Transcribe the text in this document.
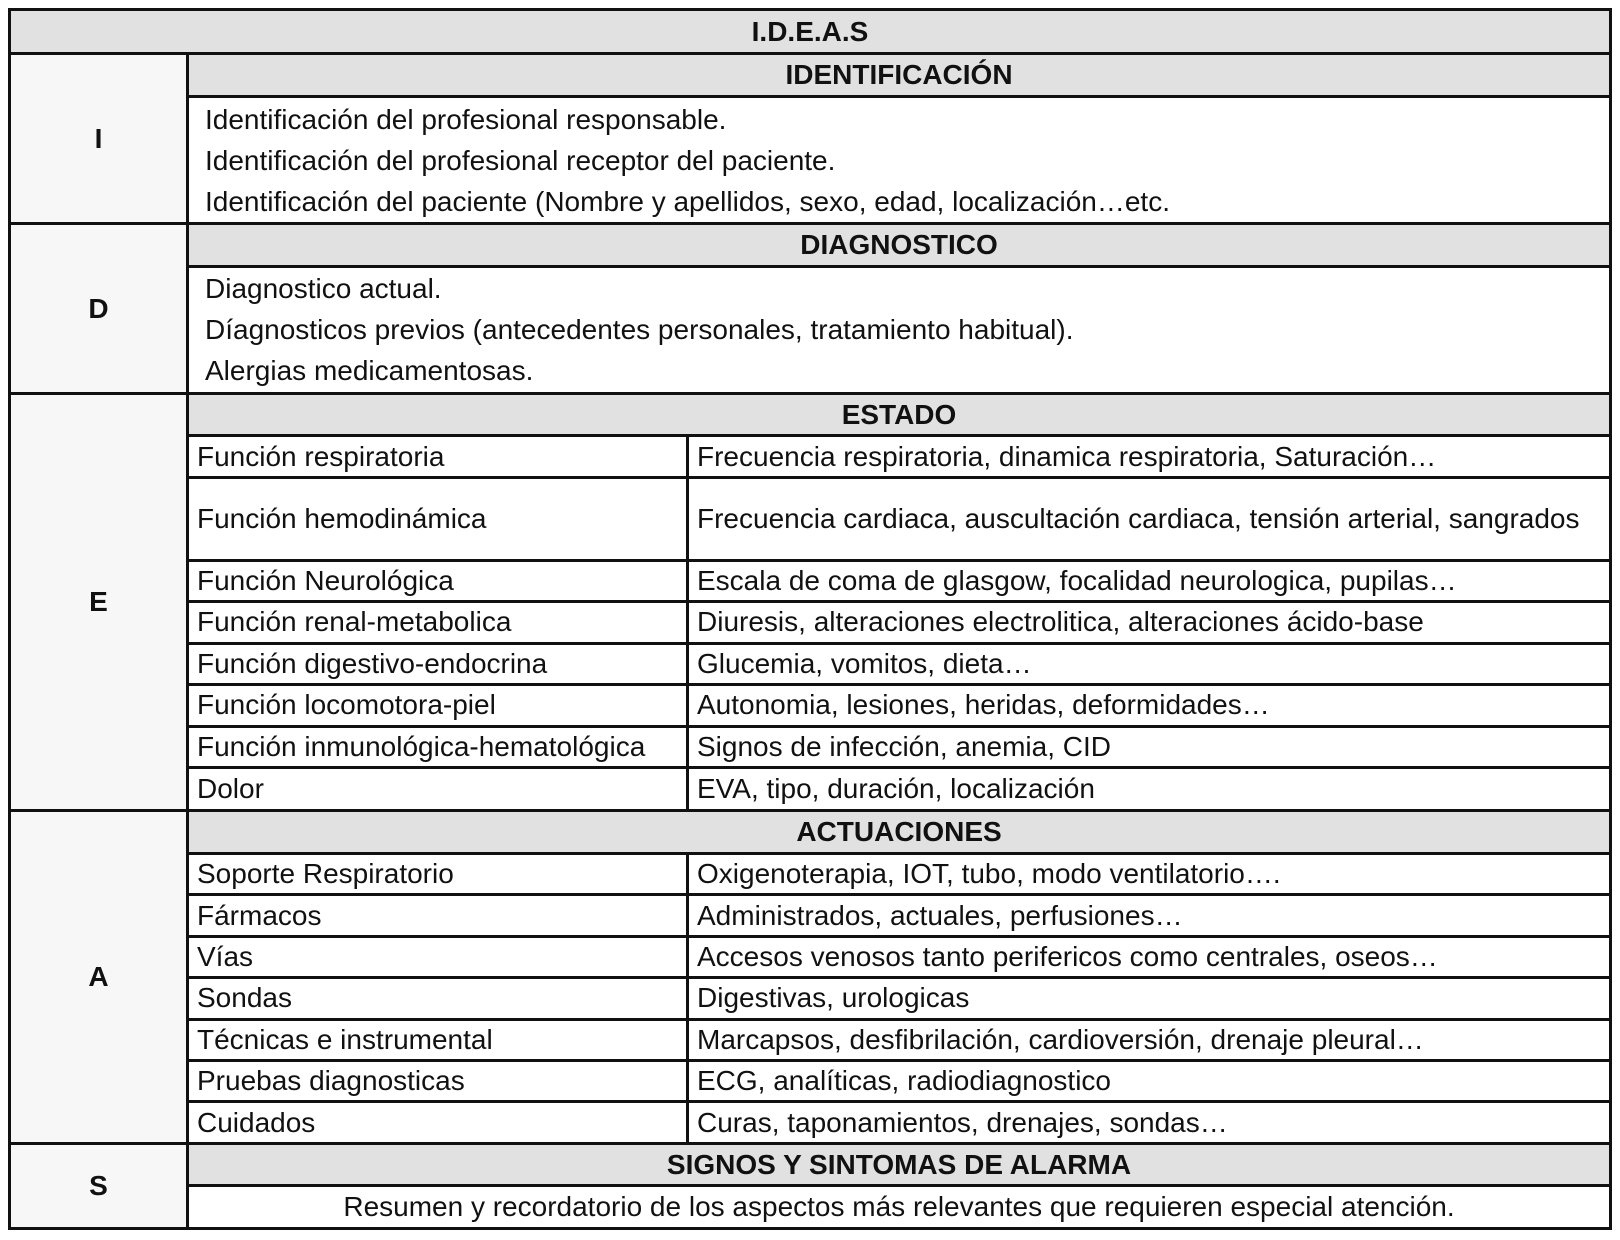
I.D.E.A.S		
I	IDENTIFICACIÓN	

	Identificación del profesional responsable.
Identificación del profesional receptor del paciente.
Identificación del paciente (Nombre y apellidos, sexo, edad, localización…etc.	

D	DIAGNOSTICO	

	Diagnostico actual.
Díagnosticos previos (antecedentes personales, tratamiento habitual).
Alergias medicamentosas.	

E	ESTADO	
	Función respiratoria	Frecuencia respiratoria, dinamica respiratoria, Saturación…
	Función hemodinámica	Frecuencia cardiaca, auscultación cardiaca, tensión arterial, sangrados
	Función Neurológica	Escala de coma de glasgow, focalidad neurologica, pupilas…
	Función renal-metabolica	Diuresis, alteraciones electrolitica, alteraciones ácido-base
	Función digestivo-endocrina	Glucemia, vomitos, dieta…
	Función locomotora-piel	Autonomia, lesiones, heridas, deformidades…
	Función inmunológica-hematológica	Signos de infección, anemia, CID
	Dolor	EVA, tipo, duración, localización
A	ACTUACIONES	
	Soporte Respiratorio	Oxigenoterapia, IOT, tubo, modo ventilatorio….
	Fármacos	Administrados, actuales, perfusiones…
	Vías	Accesos venosos tanto perifericos como centrales, oseos…
	Sondas	Digestivas, urologicas
	Técnicas e instrumental	Marcapsos, desfibrilación, cardioversión, drenaje pleural…
	Pruebas diagnosticas	ECG, analíticas, radiodiagnostico
	Cuidados	Curas, taponamientos, drenajes, sondas…
S	SIGNOS Y SINTOMAS DE ALARMA	
	Resumen y recordatorio de los aspectos más relevantes que requieren especial atención.	
